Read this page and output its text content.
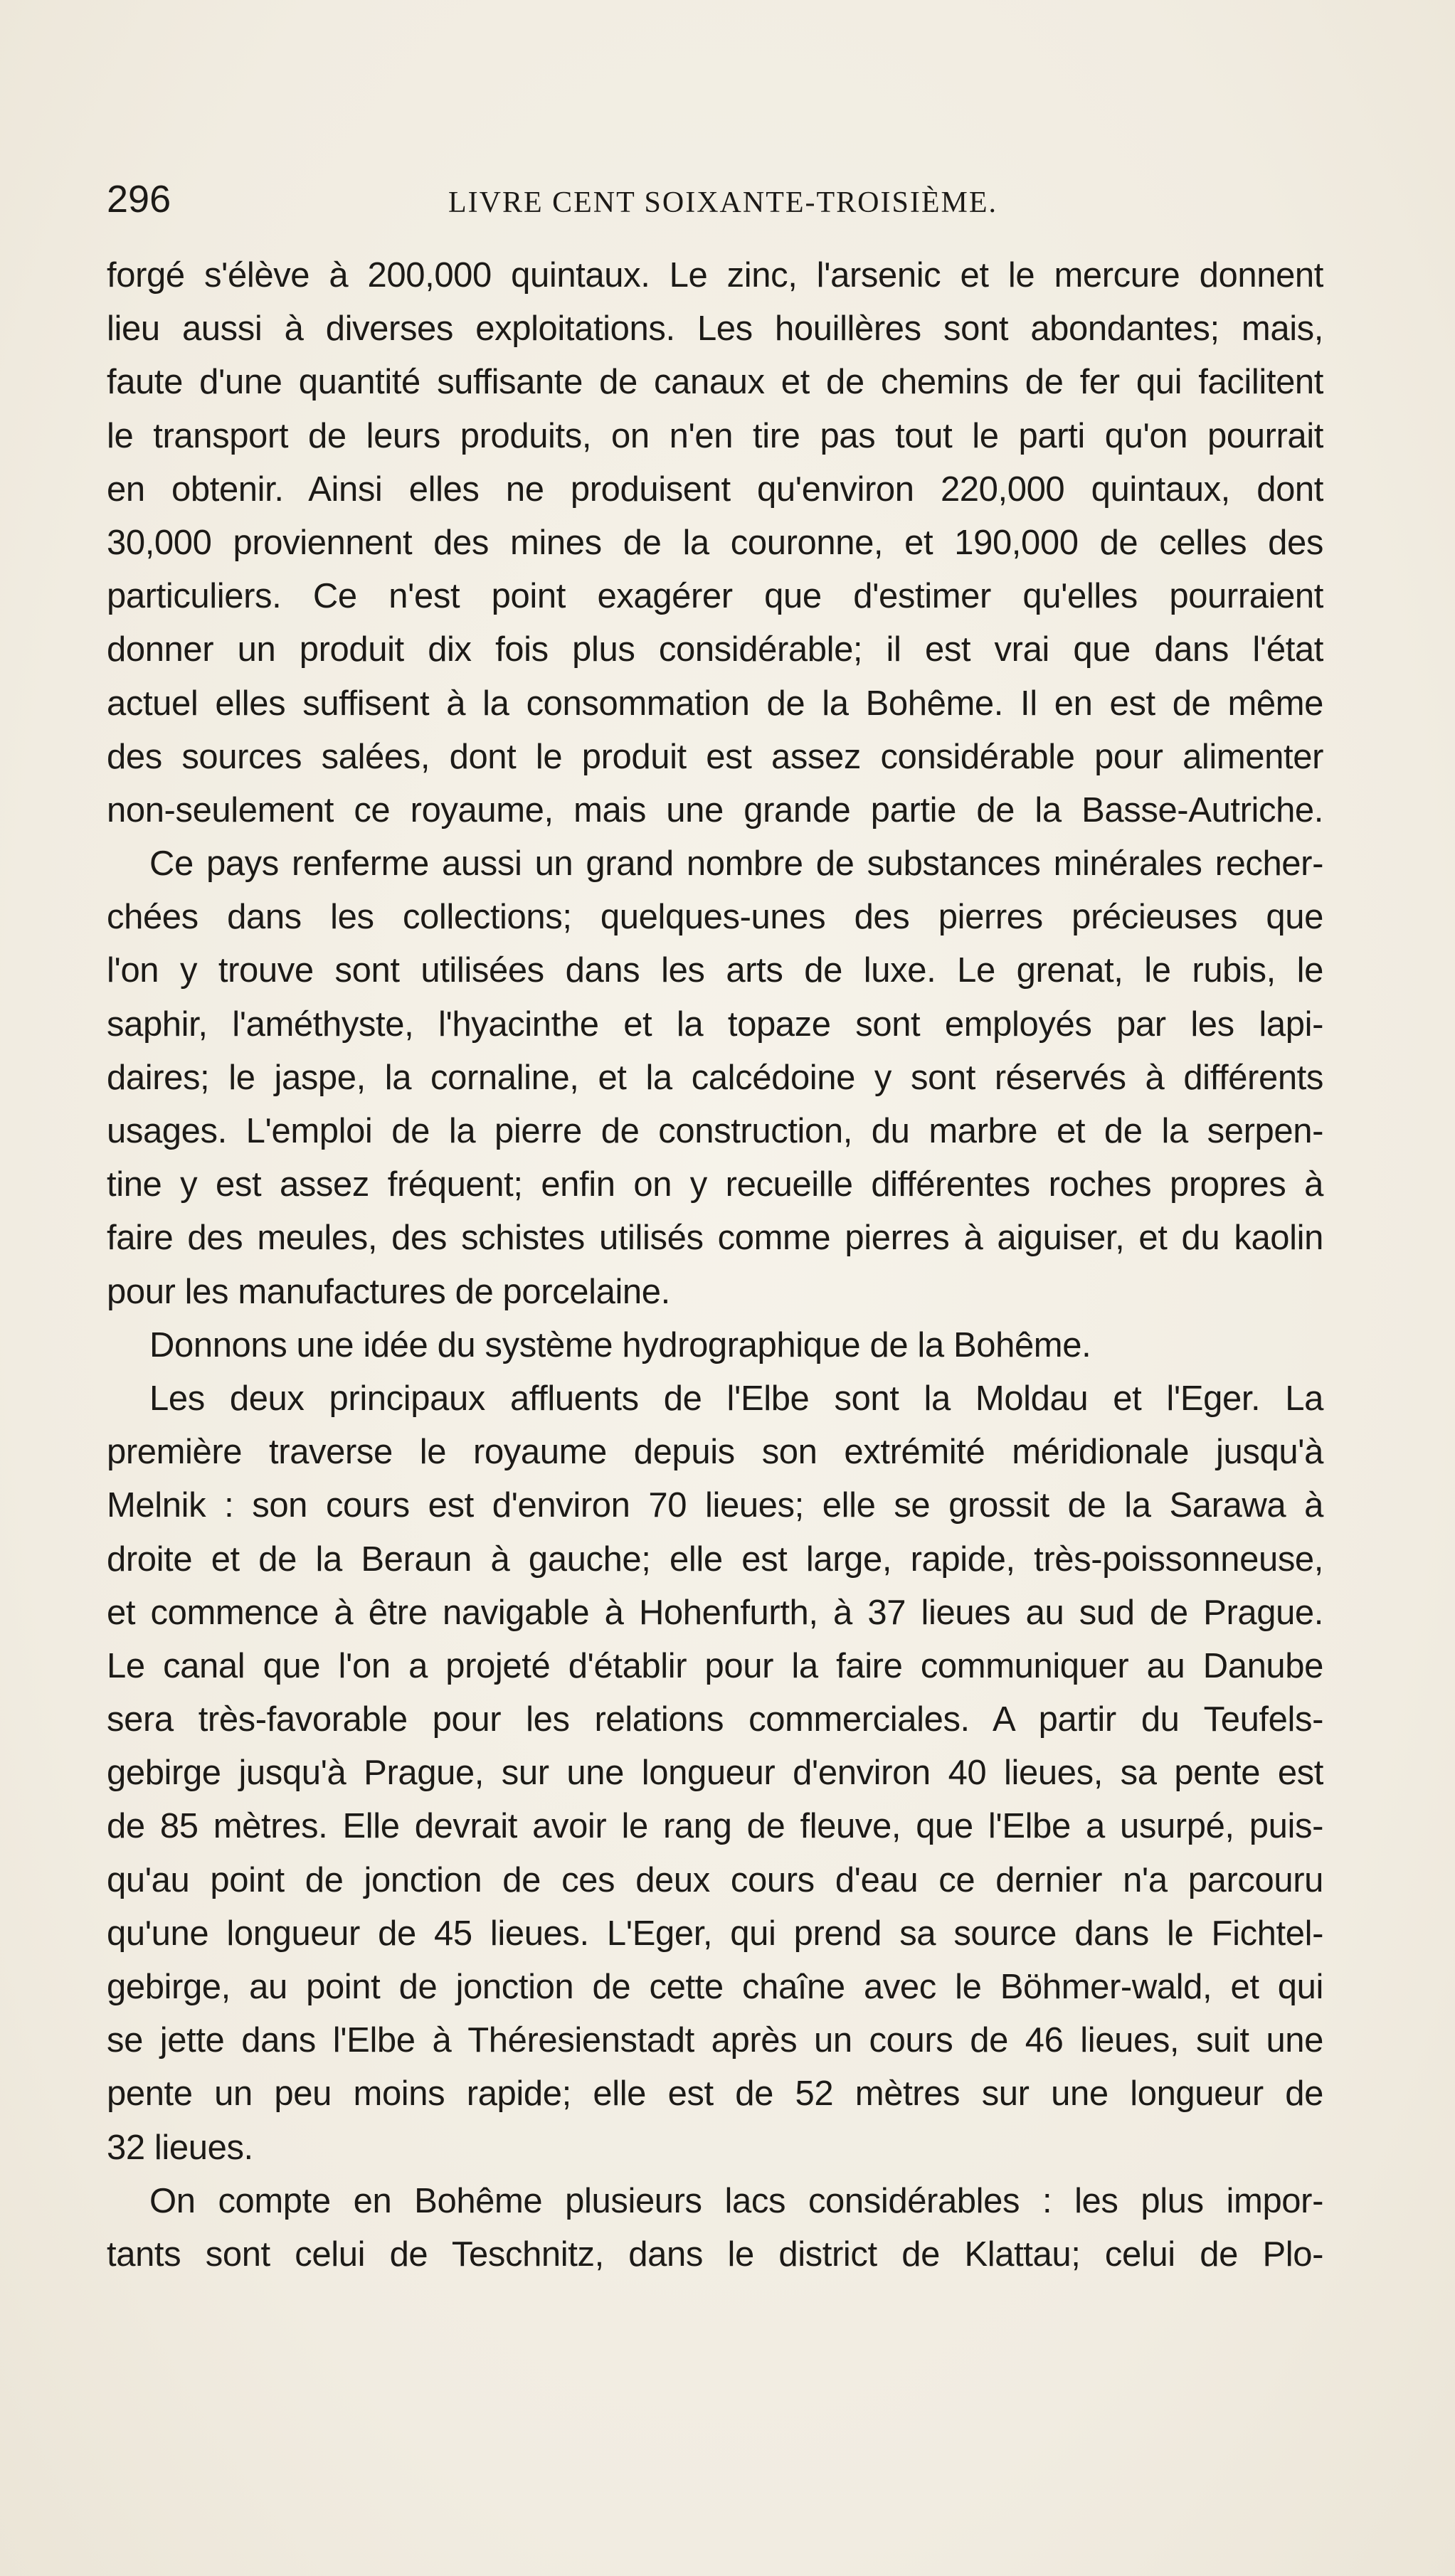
296	LIVRE CENT SOIXANTE-TROISIÈME.
forgé s'élève à 200,000 quintaux. Le zinc, l'arsenic et le mercure donnent
lieu aussi à diverses exploitations. Les houillères sont abondantes; mais,
faute d'une quantité suffisante de canaux et de chemins de fer qui facilitent
le transport de leurs produits, on n'en tire pas tout le parti qu'on pourrait
en obtenir. Ainsi elles ne produisent qu'environ 220,000 quintaux, dont
30,000 proviennent des mines de la couronne, et 190,000 de celles des
particuliers. Ce n'est point exagérer que d'estimer qu'elles pourraient
donner un produit dix fois plus considérable; il est vrai que dans l'état
actuel elles suffisent à la consommation de la Bohême. Il en est de même
des sources salées, dont le produit est assez considérable pour alimenter
non-seulement ce royaume, mais une grande partie de la Basse-Autriche.
Ce pays renferme aussi un grand nombre de substances minérales recher-
chées dans les collections; quelques-unes des pierres précieuses que
l'on y trouve sont utilisées dans les arts de luxe. Le grenat, le rubis, le
saphir, l'améthyste, l'hyacinthe et la topaze sont employés par les lapi-
daires; le jaspe, la cornaline, et la calcédoine y sont réservés à différents
usages. L'emploi de la pierre de construction, du marbre et de la serpen-
tine y est assez fréquent; enfin on y recueille différentes roches propres à
faire des meules, des schistes utilisés comme pierres à aiguiser, et du kaolin
pour les manufactures de porcelaine.
Donnons une idée du système hydrographique de la Bohême.
Les deux principaux affluents de l'Elbe sont la Moldau et l'Eger. La
première traverse le royaume depuis son extrémité méridionale jusqu'à
Melnik : son cours est d'environ 70 lieues; elle se grossit de la Sarawa à
droite et de la Beraun à gauche; elle est large, rapide, très-poissonneuse,
et commence à être navigable à Hohenfurth, à 37 lieues au sud de Prague.
Le canal que l'on a projeté d'établir pour la faire communiquer au Danube
sera très-favorable pour les relations commerciales. A partir du Teufels-
gebirge jusqu'à Prague, sur une longueur d'environ 40 lieues, sa pente est
de 85 mètres. Elle devrait avoir le rang de fleuve, que l'Elbe a usurpé, puis-
qu'au point de jonction de ces deux cours d'eau ce dernier n'a parcouru
qu'une longueur de 45 lieues. L'Eger, qui prend sa source dans le Fichtel-
gebirge, au point de jonction de cette chaîne avec le Böhmer-wald, et qui
se jette dans l'Elbe à Théresienstadt après un cours de 46 lieues, suit une
pente un peu moins rapide; elle est de 52 mètres sur une longueur de
32 lieues.
On compte en Bohême plusieurs lacs considérables : les plus impor-
tants sont celui de Teschnitz, dans le district de Klattau; celui de Plo-
